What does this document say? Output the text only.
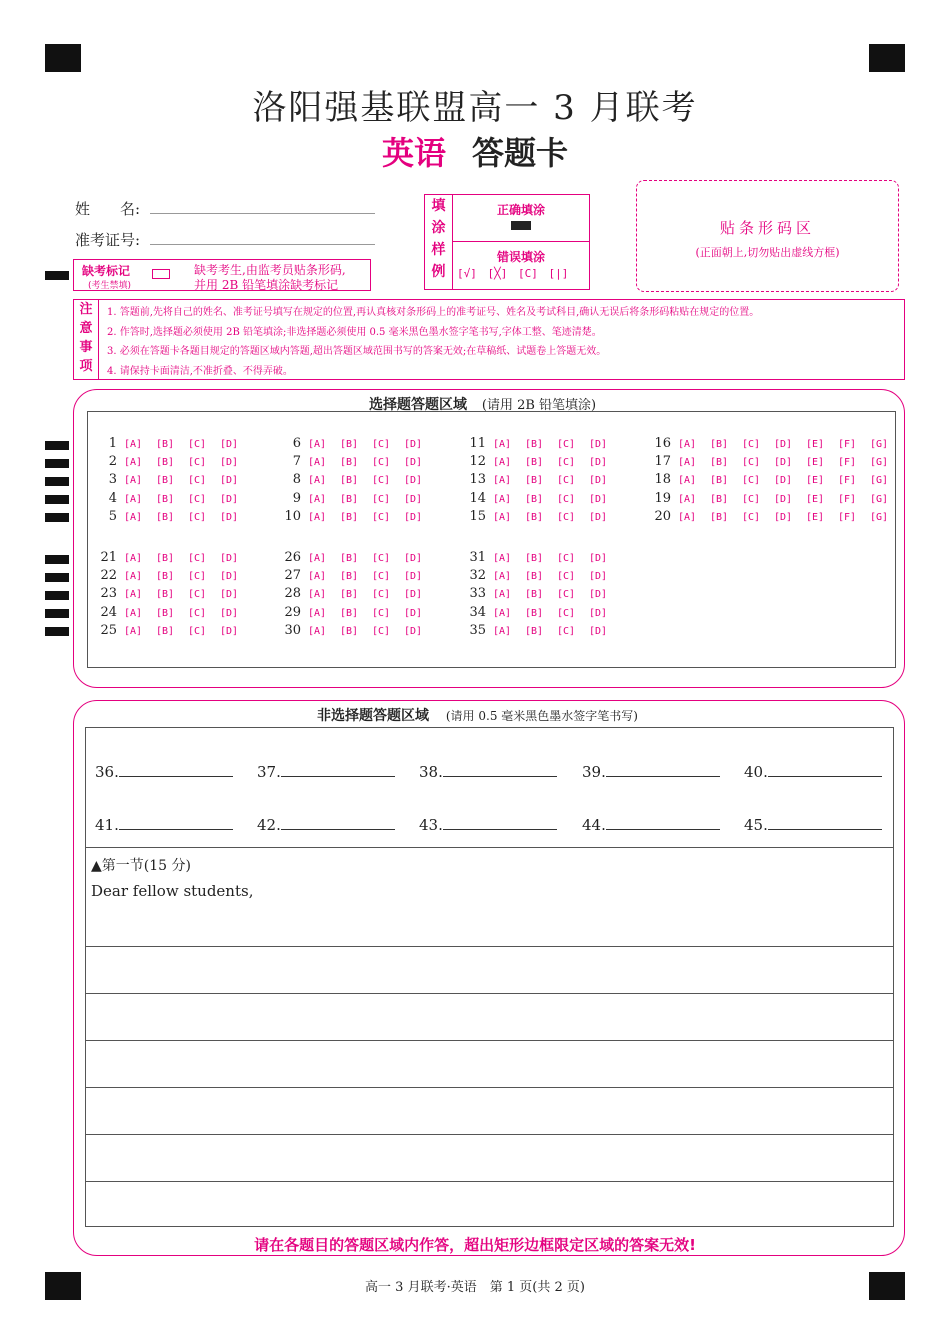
洛阳强基联盟高一 3 月联考
英语 答题卡
姓　　名:
准考证号:
缺考标记
(考生禁填)
缺考考生,由监考员贴条形码,
并用 2B 铅笔填涂缺考标记
填
涂
样
例
正确填涂
错误填涂
[√] [╳] [C] [|]
贴条形码区
(正面朝上,切勿贴出虚线方框)
注
意
事
项
1. 答题前,先将自己的姓名、准考证号填写在规定的位置,再认真核对条形码上的准考证号、姓名及考试科目,确认无误后将条形码粘贴在规定的位置。
2. 作答时,选择题必须使用 2B 铅笔填涂;非选择题必须使用 0.5 毫米黑色墨水签字笔书写,字体工整、笔迹清楚。
3. 必须在答题卡各题目规定的答题区域内答题,超出答题区域范围书写的答案无效;在草稿纸、试题卷上答题无效。
4. 请保持卡面清洁,不准折叠、不得弄破。
选择题答题区域 (请用 2B 铅笔填涂)
1 [A] [B] [C] [D]
2 [A] [B] [C] [D]
3 [A] [B] [C] [D]
4 [A] [B] [C] [D]
5 [A] [B] [C] [D]
6 [A] [B] [C] [D]
7 [A] [B] [C] [D]
8 [A] [B] [C] [D]
9 [A] [B] [C] [D]
10 [A] [B] [C] [D]
11 [A] [B] [C] [D]
12 [A] [B] [C] [D]
13 [A] [B] [C] [D]
14 [A] [B] [C] [D]
15 [A] [B] [C] [D]
16 [A] [B] [C] [D] [E] [F] [G]
17 [A] [B] [C] [D] [E] [F] [G]
18 [A] [B] [C] [D] [E] [F] [G]
19 [A] [B] [C] [D] [E] [F] [G]
20 [A] [B] [C] [D] [E] [F] [G]
21 [A] [B] [C] [D]
22 [A] [B] [C] [D]
23 [A] [B] [C] [D]
24 [A] [B] [C] [D]
25 [A] [B] [C] [D]
26 [A] [B] [C] [D]
27 [A] [B] [C] [D]
28 [A] [B] [C] [D]
29 [A] [B] [C] [D]
30 [A] [B] [C] [D]
31 [A] [B] [C] [D]
32 [A] [B] [C] [D]
33 [A] [B] [C] [D]
34 [A] [B] [C] [D]
35 [A] [B] [C] [D]
非选择题答题区域 (请用 0.5 毫米黑色墨水签字笔书写)
36.	37.	38.	39.	40.
41.	42.	43.	44.	45.
▲第一节(15 分)
Dear fellow students,
请在各题目的答题区域内作答，超出矩形边框限定区域的答案无效!
高一 3 月联考·英语　第 1 页(共 2 页)
